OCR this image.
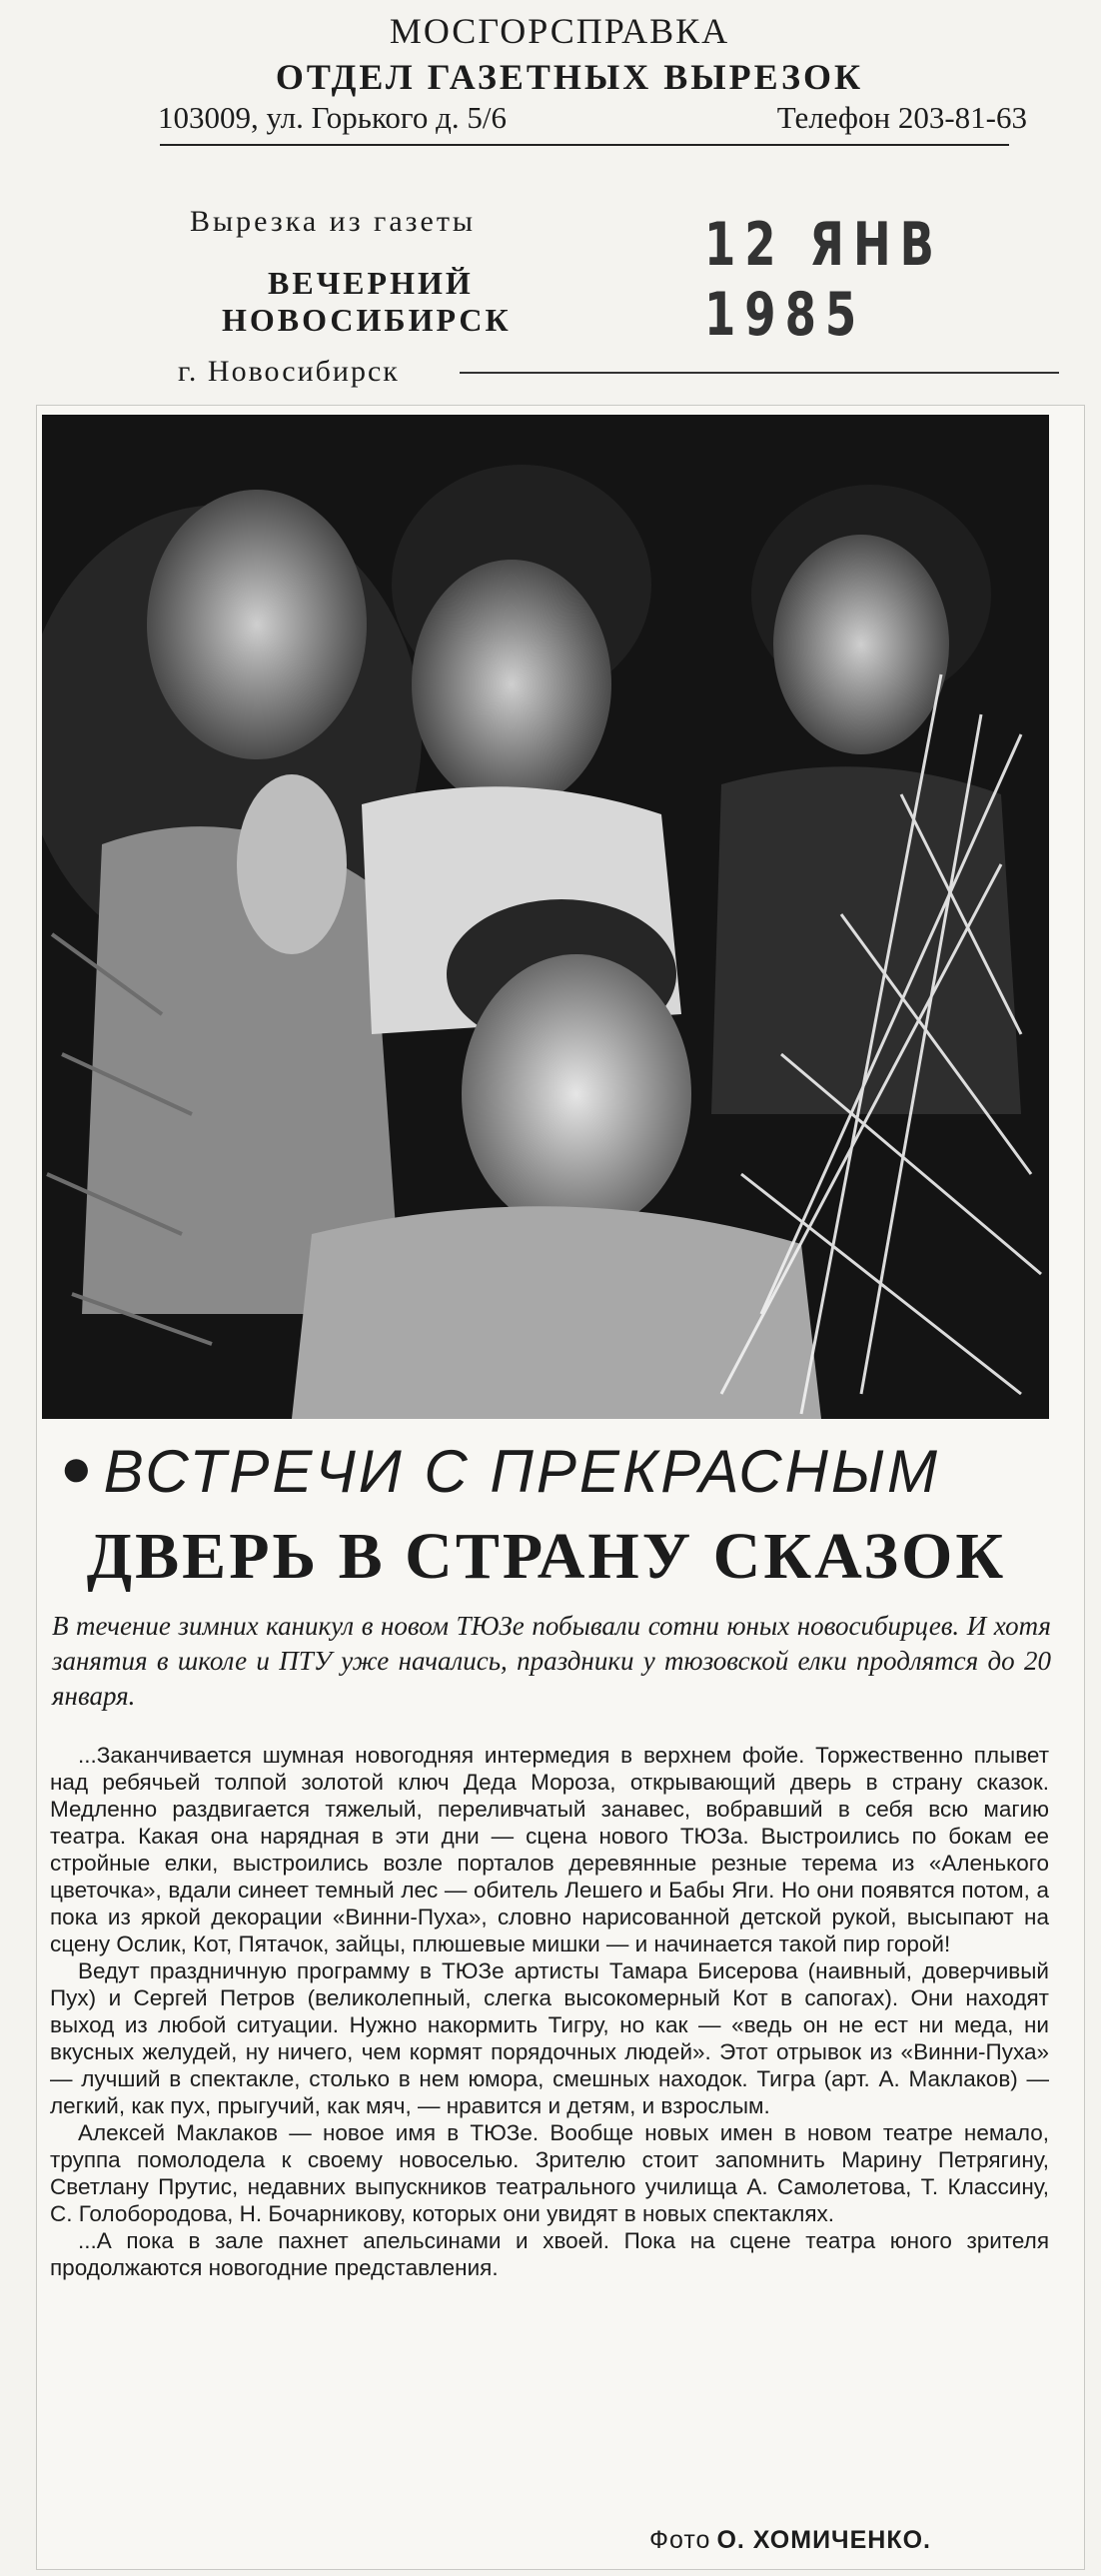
МОСГОРСПРАВКА
ОТДЕЛ ГАЗЕТНЫХ ВЫРЕЗОК
103009, ул. Горького д. 5/6	Телефон 203-81-63
Вырезка из газеты
ВЕЧЕРНИЙ
НОВОСИБИРСК
г. Новосибирск
12 ЯНВ 1985
● ВСТРЕЧИ С ПРЕКРАСНЫМ
ДВЕРЬ В СТРАНУ СКАЗОК
В течение зимних каникул в новом ТЮЗе побывали сотни юных новосибирцев. И хотя занятия в школе и ПТУ уже начались, праздники у тюзовской елки продлятся до 20 января.

...Заканчивается шумная новогодняя интермедия в верхнем фойе. Торжественно плывет над ребячьей толпой золотой ключ Деда Мороза, открывающий дверь в страну сказок. Медленно раздвигается тяжелый, переливчатый занавес, вобравший в себя всю магию театра. Какая она нарядная в эти дни — сцена нового ТЮЗа. Выстроились по бокам ее стройные елки, выстроились возле порталов деревянные резные терема из «Аленького цветочка», вдали синеет темный лес — обитель Лешего и Бабы Яги. Но они появятся потом, а пока из яркой декорации «Винни-Пуха», словно нарисованной детской рукой, высыпают на сцену Ослик, Кот, Пятачок, зайцы, плюшевые мишки — и начинается такой пир горой!

Ведут праздничную программу в ТЮЗе артисты Тамара Бисерова (наивный, доверчивый Пух) и Сергей Петров (великолепный, слегка высокомерный Кот в сапогах). Они находят выход из любой ситуации. Нужно накормить Тигру, но как — «ведь он не ест ни меда, ни вкусных желудей, ну ничего, чем кормят порядочных людей». Этот отрывок из «Винни-Пуха» — лучший в спектакле, столько в нем юмора, смешных находок. Тигра (арт. А. Маклаков) — легкий, как пух, прыгучий, как мяч, — нравится и детям, и взрослым.

Алексей Маклаков — новое имя в ТЮЗе. Вообще новых имен в новом театре немало, труппа помолодела к своему новоселью. Зрителю стоит запомнить Марину Петрягину, Светлану Прутис, недавних выпускников театрального училища А. Самолетова, Т. Классину, С. Голобородова, Н. Бочарникову, которых они увидят в новых спектаклях.

...А пока в зале пахнет апельсинами и хвоей. Пока на сцене театра юного зрителя продолжаются новогодние представления.

Фото О. ХОМИЧЕНКО.
